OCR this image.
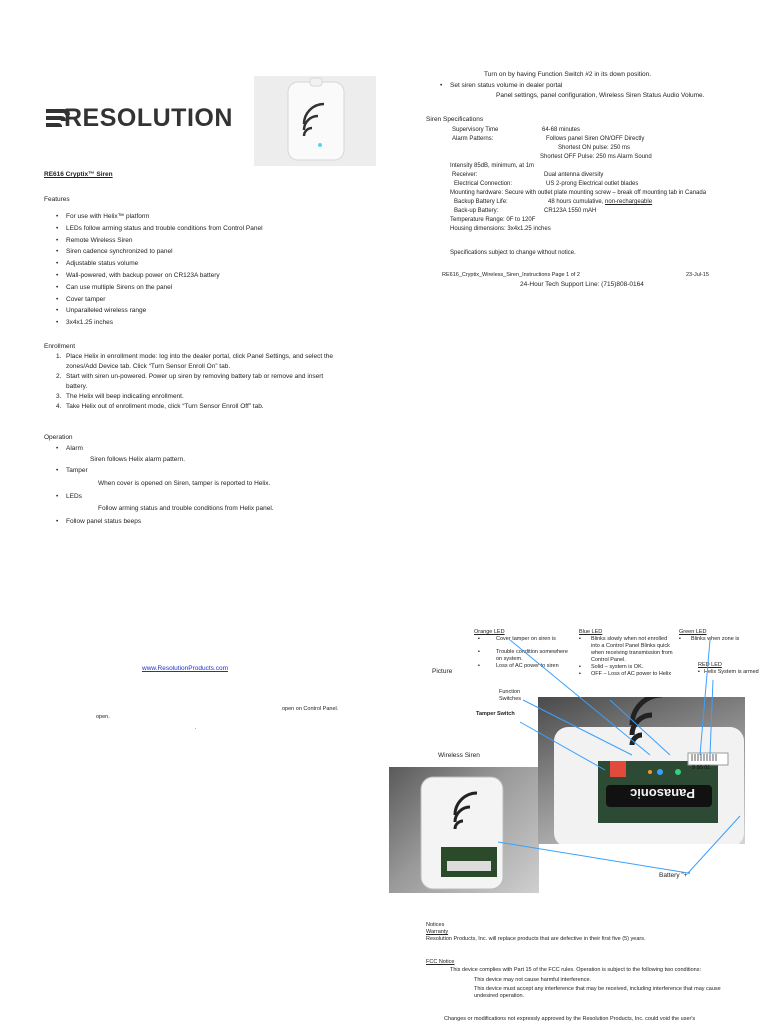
RESOLUTION
RE616 Cryptix™ Siren
Features
• For use with Helix™ platform
• LEDs follow arming status and trouble conditions from Control Panel
• Remote Wireless Siren
• Siren cadence synchronized to panel
• Adjustable status volume
• Wall-powered, with backup power on CR123A battery
• Can use multiple Sirens on the panel
• Cover tamper
• Unparalleled wireless range
• 3x4x1.25 inches
Enrollment
1. Place Helix in enrollment mode: log into the dealer portal, click Panel Settings, and select the zones/Add Device tab. Click “Turn Sensor Enroll On” tab.
2. Start with siren un-powered. Power up siren by removing battery tab or remove and insert battery.
3. The Helix will beep indicating enrollment.
4. Take Helix out of enrollment mode, click “Turn Sensor Enroll Off” tab.
Operation
• Alarm
Siren follows Helix alarm pattern.
• Tamper
When cover is opened on Siren, tamper is reported to Helix.
• LEDs
Follow arming status and trouble conditions from Helix panel.
• Follow panel status beeps
www.ResolutionProducts.com
open on Control Panel.
open.
.
Turn on by having Function Switch #2 in its down position.
• Set siren status volume in dealer portal
Panel settings, panel configuration, Wireless Siren Status Audio Volume.
Siren Specifications
Supervisory Time	64-68 minutes
Alarm Patterns:	Follows panel Siren ON/OFF Directly
Shortest ON pulse: 250 ms
Shortest OFF Pulse: 250 ms Alarm Sound
Intensity 85dB, minimum, at 1m
Receiver:	Dual antenna diversity
Electrical Connection:	US 2-prong Electrical outlet blades
Mounting hardware: Secure with outlet plate mounting screw – break off mounting tab in Canada
Backup Battery Life:	48 hours cumulative, non-rechargeable
Back-up Battery:	CR123A 1550 mAH
Temperature Range: 0F to 120F
Housing dimensions: 3x4x1.25 inches
Specifications subject to change without notice.
RE616_Cryptix_Wireless_Siren_Instructions Page 1 of 2	23-Jul-15
24-Hour Tech Support Line: (715)808-0164
Picture
Wireless Siren
Orange LED
▪	Cover tamper on siren is
▪	Trouble condition somewhere on system.
▪	Loss of AC power to siren
Blue LED
▪ Blinks slowly when not enrolled into a Control Panel Blinks quick when receiving transmission from Control Panel.
▪ Solid – system is OK.
▪ OFF – Loss of AC power to Helix
Green LED
▪ Blinks when zone is
RED LED
▪ Helix System is armed
Function Switches
Tamper Switch
9 90 01
Panasonic
Battery "+"
Notices
Warranty
Resolution Products, Inc. will replace products that are defective in their first five (5) years.
FCC Notice
This device complies with Part 15 of the FCC rules. Operation is subject to the following two conditions:
This device may not cause harmful interference.
This device must accept any interference that may be received, including interference that may cause undesired operation.
Changes or modifications not expressly approved by the Resolution Products, Inc. could void the user's
